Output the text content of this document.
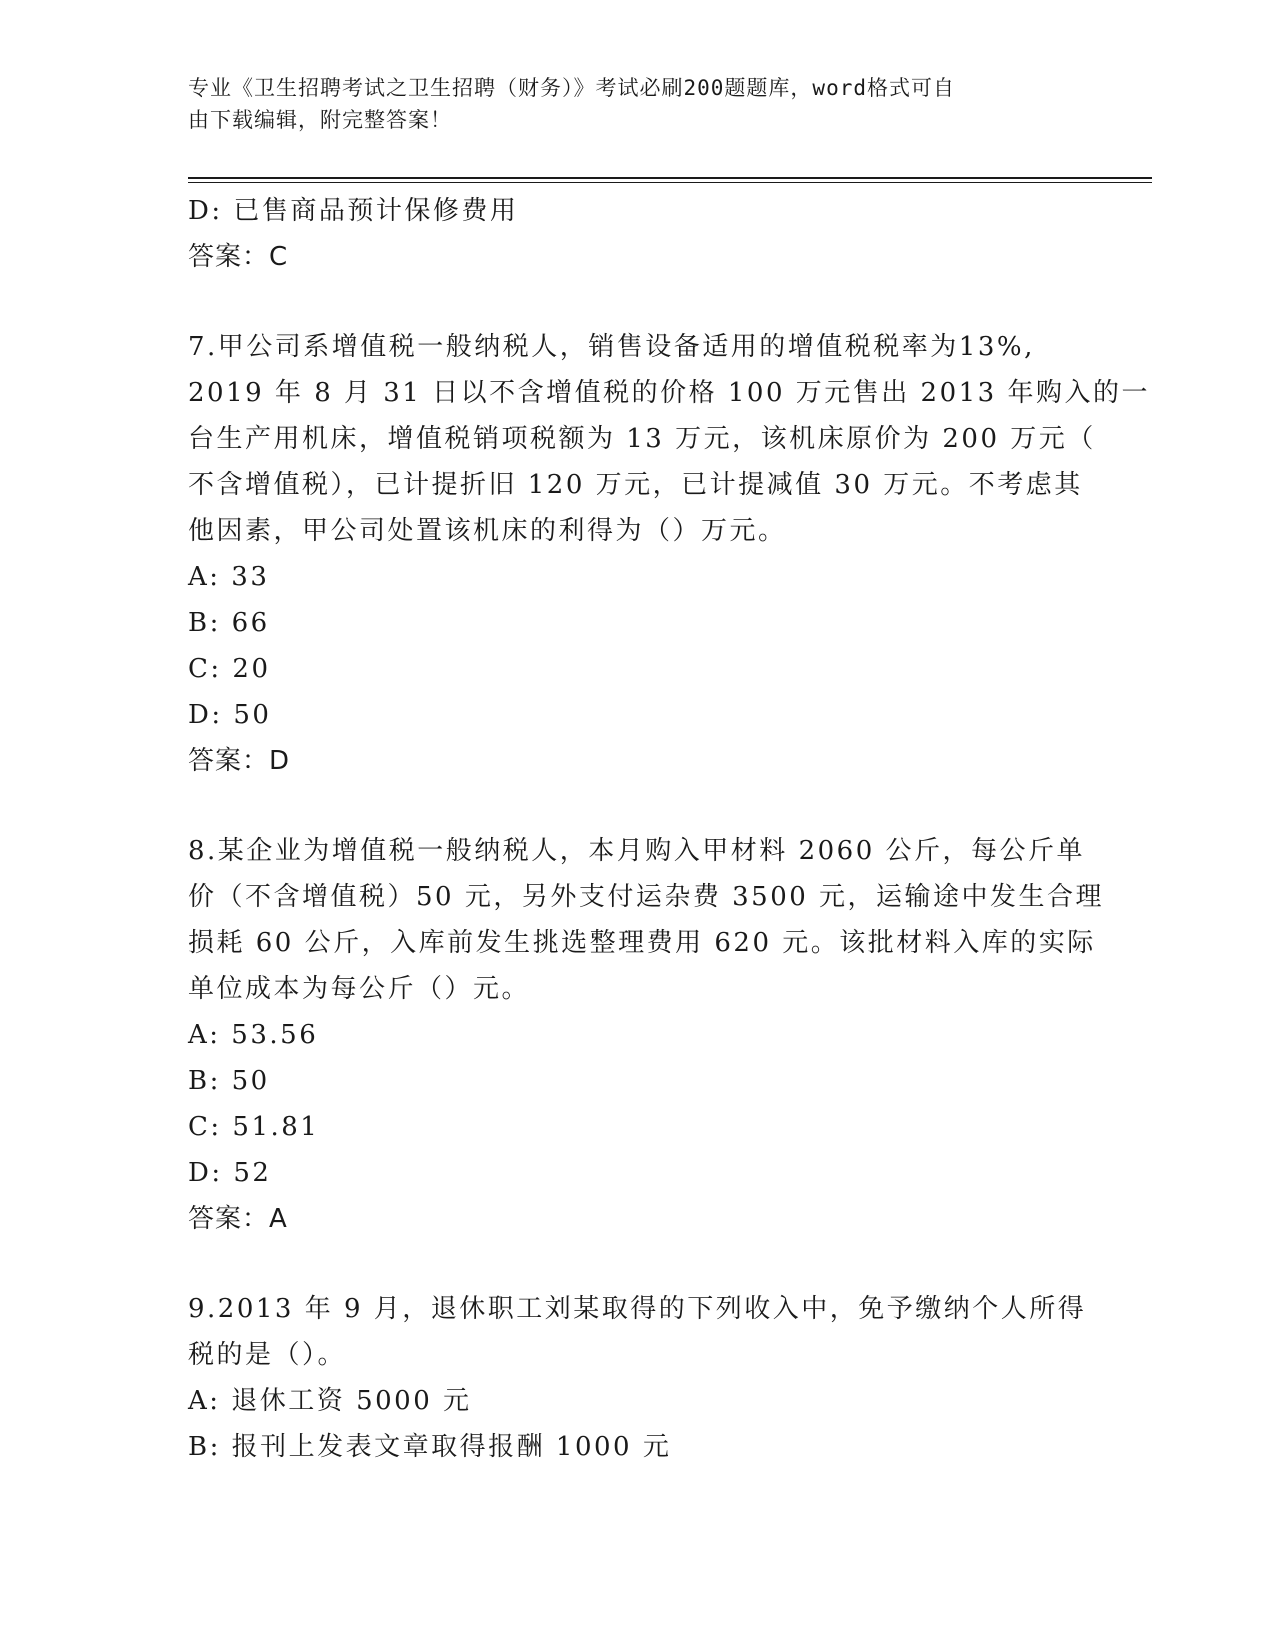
专业《卫生招聘考试之卫生招聘（财务）》考试必刷200题题库，word格式可自
由下载编辑，附完整答案！
D: 已售商品预计保修费用
答案：C
7.甲公司系增值税一般纳税人，销售设备适用的增值税税率为13%,
2019 年 8 月 31 日以不含增值税的价格 100 万元售出 2013 年购入的一
台生产用机床，增值税销项税额为 13 万元，该机床原价为 200 万元（
不含增值税），已计提折旧 120 万元，已计提减值 30 万元。不考虑其
他因素，甲公司处置该机床的利得为（）万元。
A: 33
B: 66
C: 20
D: 50
答案：D
8.某企业为增值税一般纳税人，本月购入甲材料 2060 公斤，每公斤单
价（不含增值税）50 元，另外支付运杂费 3500 元，运输途中发生合理
损耗 60 公斤，入库前发生挑选整理费用 620 元。该批材料入库的实际
单位成本为每公斤（）元。
A: 53.56
B: 50
C: 51.81
D: 52
答案：A
9.2013 年 9 月，退休职工刘某取得的下列收入中，免予缴纳个人所得
税的是（）。
A: 退休工资 5000 元
B: 报刊上发表文章取得报酬 1000 元
